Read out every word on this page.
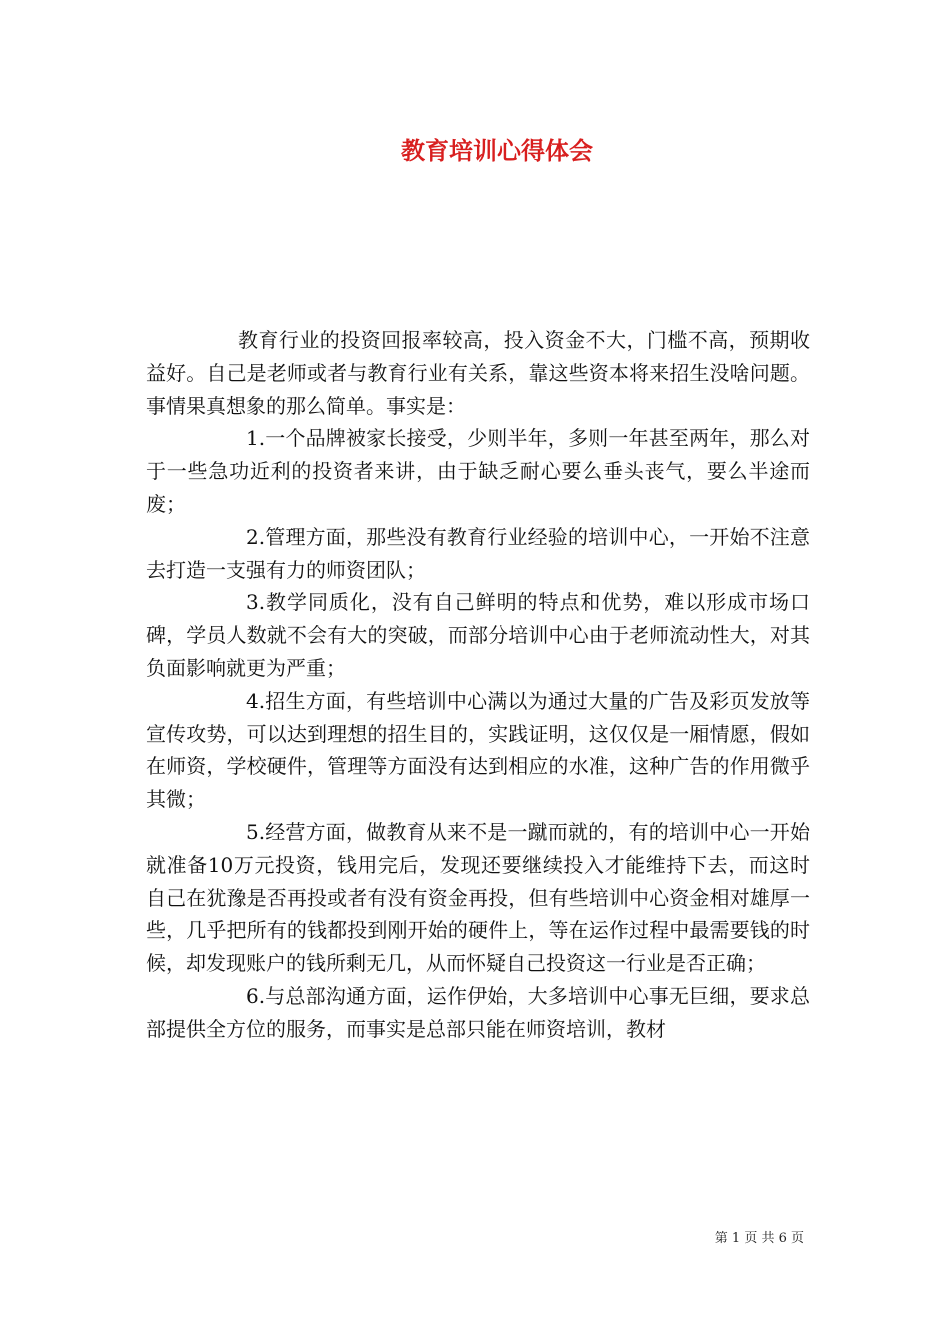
教育培训心得体会

教育行业的投资回报率较高，投入资金不大，门槛不高，预期收益好。自己是老师或者与教育行业有关系，靠这些资本将来招生没啥问题。事情果真想象的那么简单。事实是：

1.一个品牌被家长接受，少则半年，多则一年甚至两年，那么对于一些急功近利的投资者来讲，由于缺乏耐心要么垂头丧气，要么半途而废；

2.管理方面，那些没有教育行业经验的培训中心，一开始不注意去打造一支强有力的师资团队；

3.教学同质化，没有自己鲜明的特点和优势，难以形成市场口碑，学员人数就不会有大的突破，而部分培训中心由于老师流动性大，对其负面影响就更为严重；

4.招生方面，有些培训中心满以为通过大量的广告及彩页发放等宣传攻势，可以达到理想的招生目的，实践证明，这仅仅是一厢情愿，假如在师资，学校硬件，管理等方面没有达到相应的水准，这种广告的作用微乎其微；

5.经营方面，做教育从来不是一蹴而就的，有的培训中心一开始就准备10万元投资，钱用完后，发现还要继续投入才能维持下去，而这时自己在犹豫是否再投或者有没有资金再投，但有些培训中心资金相对雄厚一些，几乎把所有的钱都投到刚开始的硬件上，等在运作过程中最需要钱的时候，却发现账户的钱所剩无几，从而怀疑自己投资这一行业是否正确；

6.与总部沟通方面，运作伊始，大多培训中心事无巨细，要求总部提供全方位的服务，而事实是总部只能在师资培训，教材

第 1 页 共 6 页
